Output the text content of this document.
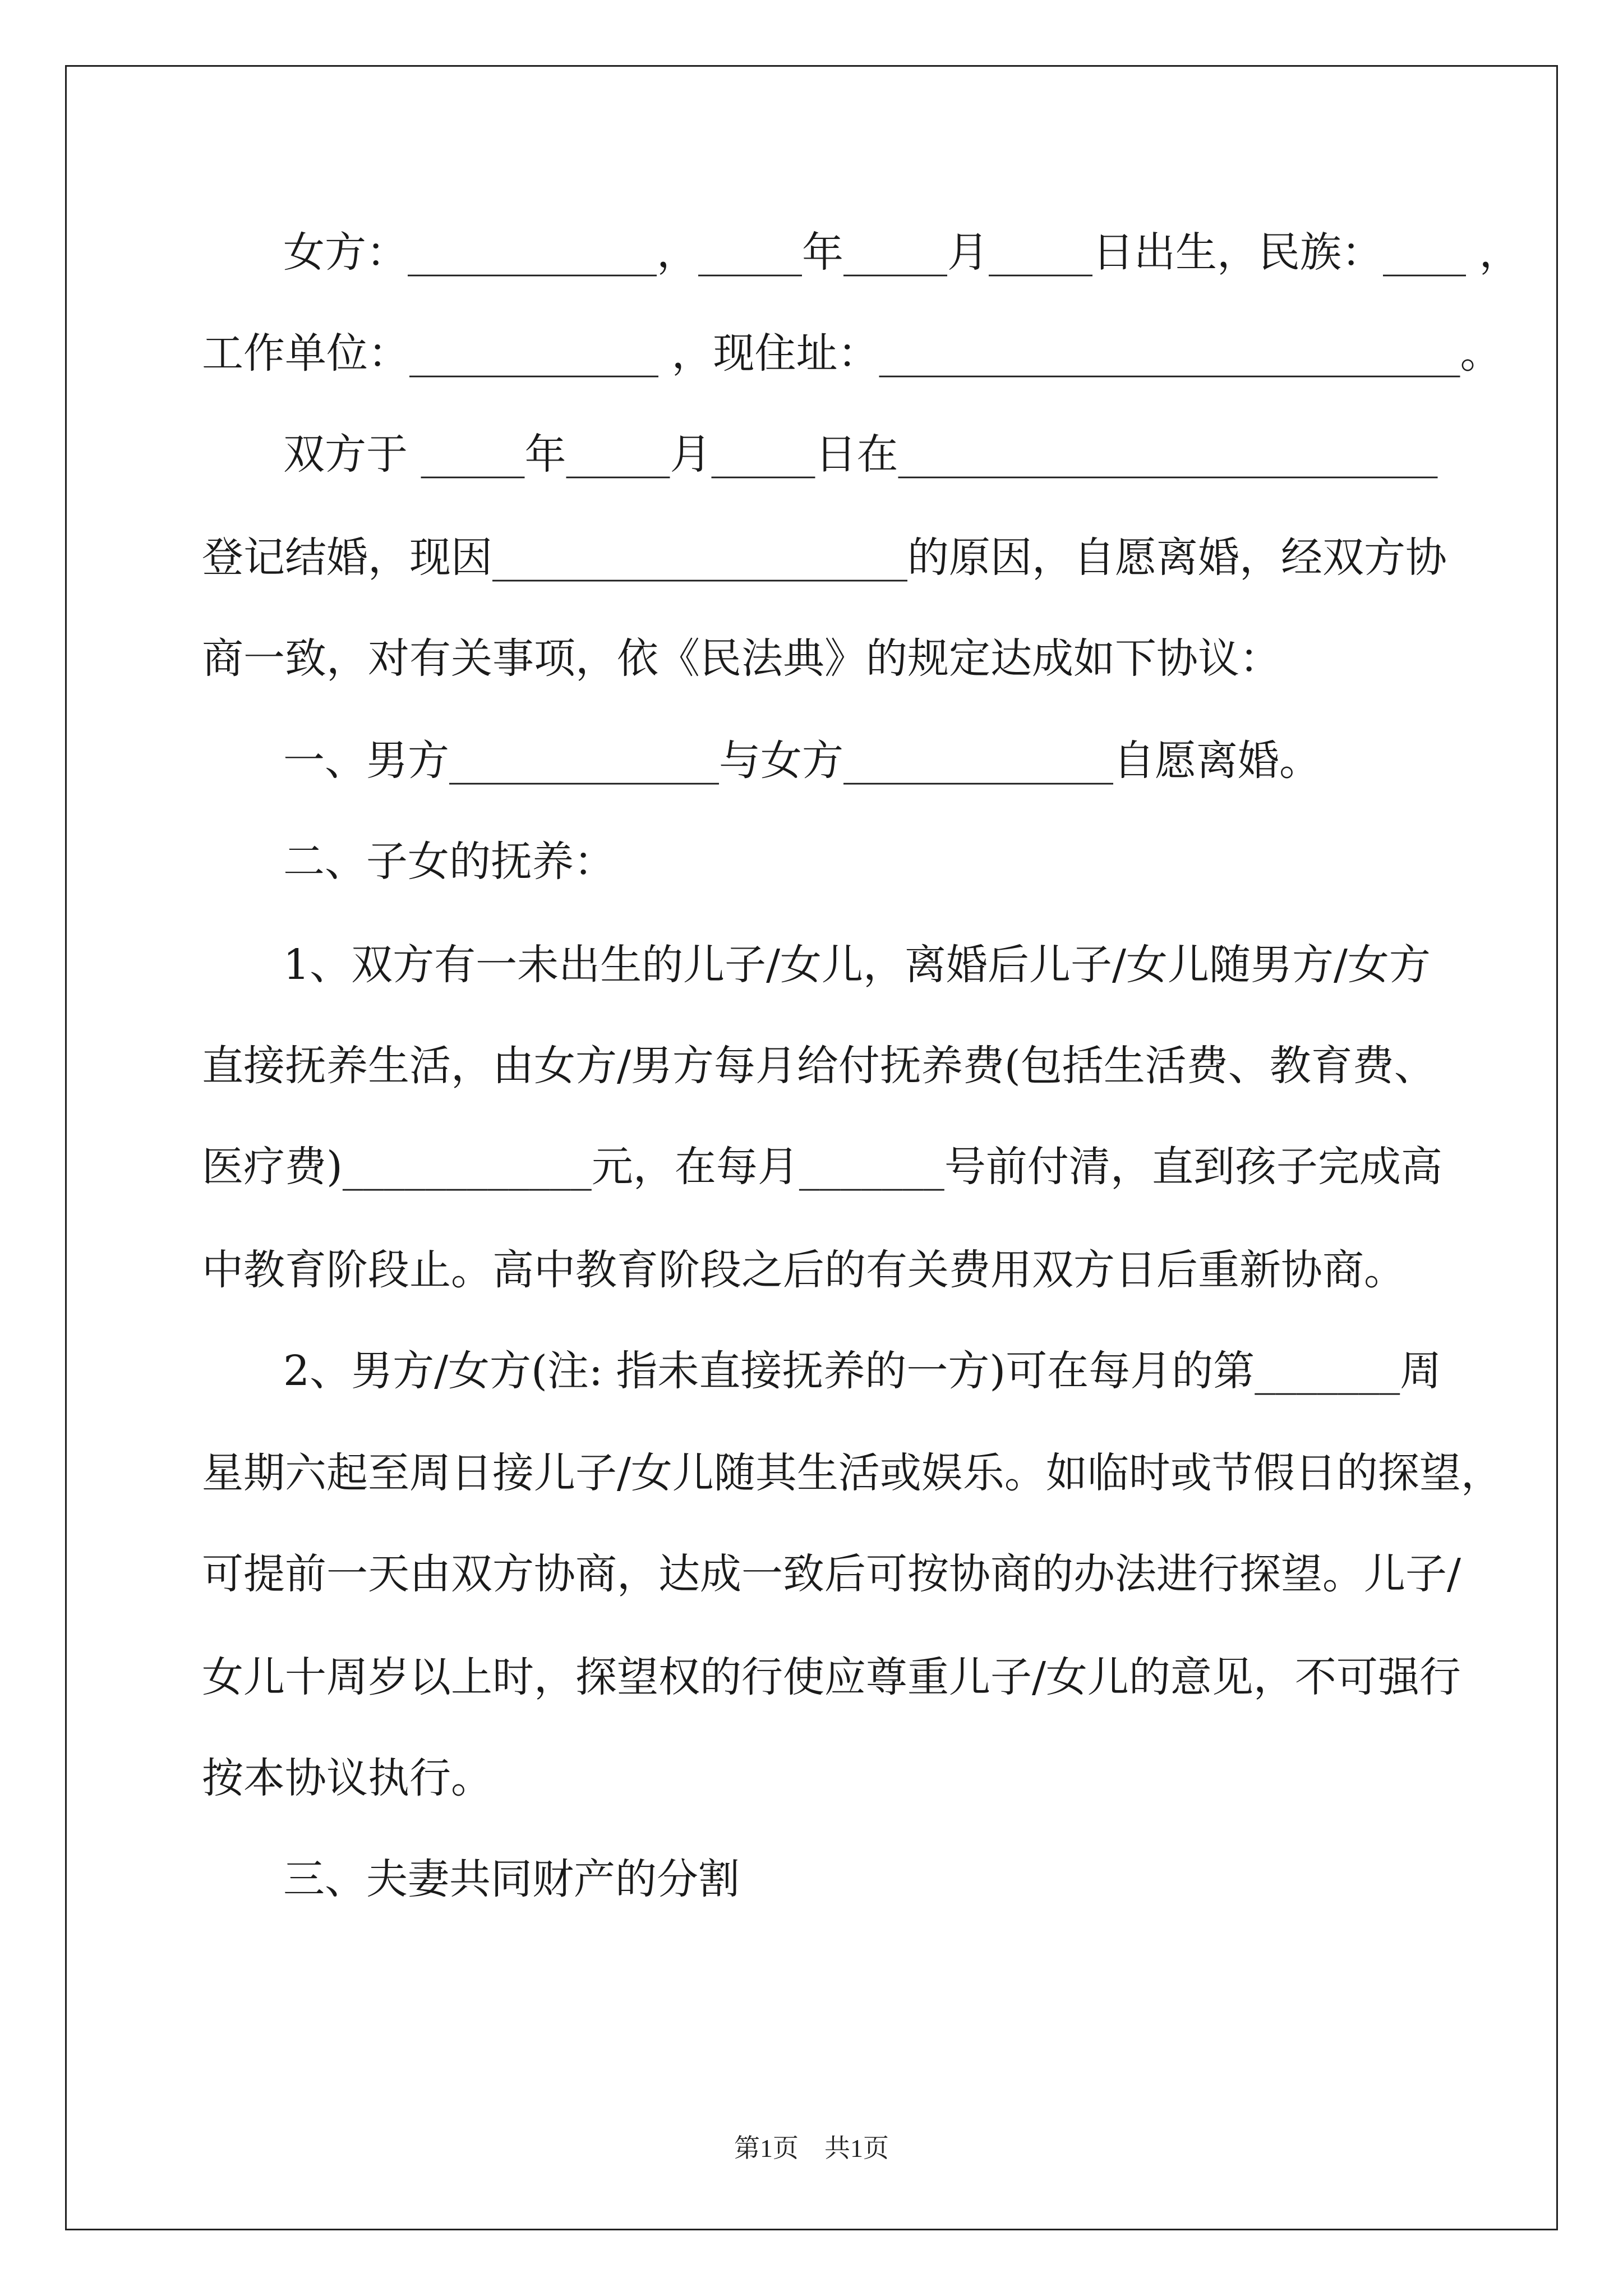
女方：____________，_____年_____月_____日出生，民族：____ ，
工作单位：____________ ，现住址：____________________________。
双方于 _____年_____月_____日在__________________________
登记结婚，现因____________________的原因，自愿离婚，经双方协
商一致，对有关事项，依《民法典》的规定达成如下协议：
一、男方_____________与女方_____________自愿离婚。
二、子女的抚养：
1、双方有一未出生的儿子/女儿，离婚后儿子/女儿随男方/女方
直接抚养生活，由女方/男方每月给付抚养费(包括生活费、教育费、
医疗费)____________元，在每月_______号前付清，直到孩子完成高
中教育阶段止。高中教育阶段之后的有关费用双方日后重新协商。
2、男方/女方(注: 指未直接抚养的一方)可在每月的第_______周
星期六起至周日接儿子/女儿随其生活或娱乐。如临时或节假日的探望，
可提前一天由双方协商，达成一致后可按协商的办法进行探望。儿子/
女儿十周岁以上时，探望权的行使应尊重儿子/女儿的意见，不可强行
按本协议执行。
三、夫妻共同财产的分割
第1页　共1页
